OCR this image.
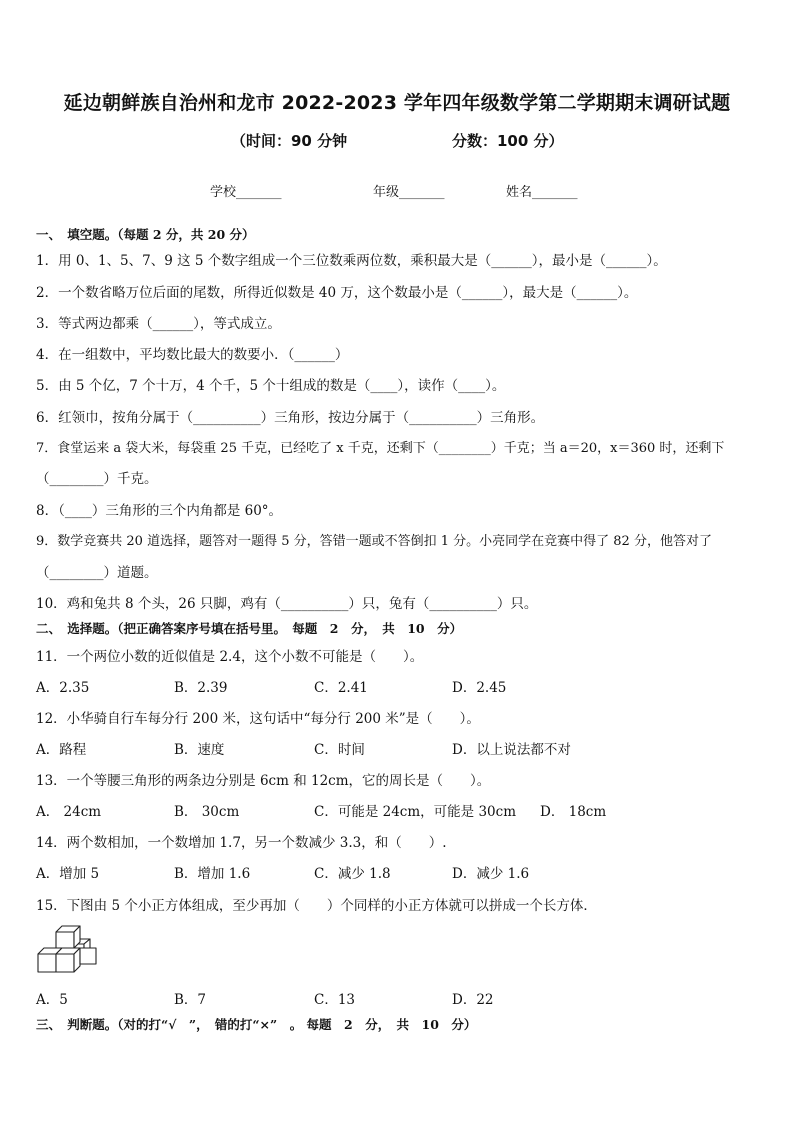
延边朝鲜族自治州和龙市 2022-2023 学年四年级数学第二学期期末调研试题
（时间：90 分钟	分数：100 分）
学校_______	年级_______	姓名_______
一、　填空题。（每题 2 分，共 20 分）
1．用 0、1、5、7、9 这 5 个数字组成一个三位数乘两位数，乘积最大是（______），最小是（______）。
2．一个数省略万位后面的尾数，所得近似数是 40 万，这个数最小是（______），最大是（______）。
3．等式两边都乘（______），等式成立。
4．在一组数中，平均数比最大的数要小．（______）
5．由 5 个亿，7 个十万，4 个千，5 个十组成的数是（____），读作（____）。
6．红领巾，按角分属于（__________）三角形，按边分属于（__________）三角形。
7．食堂运来 a 袋大米，每袋重 25 千克，已经吃了 x 千克，还剩下（________）千克；当 a＝20，x＝360 时，还剩下
（________）千克。
8．（____）三角形的三个内角都是 60°。
9．数学竞赛共 20 道选择，题答对一题得 5 分，答错一题或不答倒扣 1 分。小亮同学在竞赛中得了 82 分，他答对了
（________）道题。
10．鸡和兔共 8 个头，26 只脚，鸡有（__________）只，兔有（__________）只。
二、　选择题。（把正确答案序号填在括号里。　每题　2　分，　共　10　分）
11．一个两位小数的近似值是 2.4，这个小数不可能是（　　）。
A．2.35	B．2.39	C．2.41	D．2.45
12．小华骑自行车每分行 200 米，这句话中“每分行 200 米”是（　　）。
A．路程	B．速度	C．时间	D．以上说法都不对
13．一个等腰三角形的两条边分别是 6cm 和 12cm，它的周长是（　　）。
A． 24cm	B． 30cm	C．可能是 24cm，可能是 30cm D． 18cm
14．两个数相加，一个数增加 1.7，另一个数减少 3.3，和（　　）.
A．增加 5	B．增加 1.6	C．减少 1.8	D．减少 1.6
15．下图由 5 个小正方体组成，至少再加（　　）个同样的小正方体就可以拼成一个长方体．
A．5	B．7	C．13	D．22
三、　判断题。（对的打“√　”，　错的打“×”　。 每题　2　分，　共　10　分）
